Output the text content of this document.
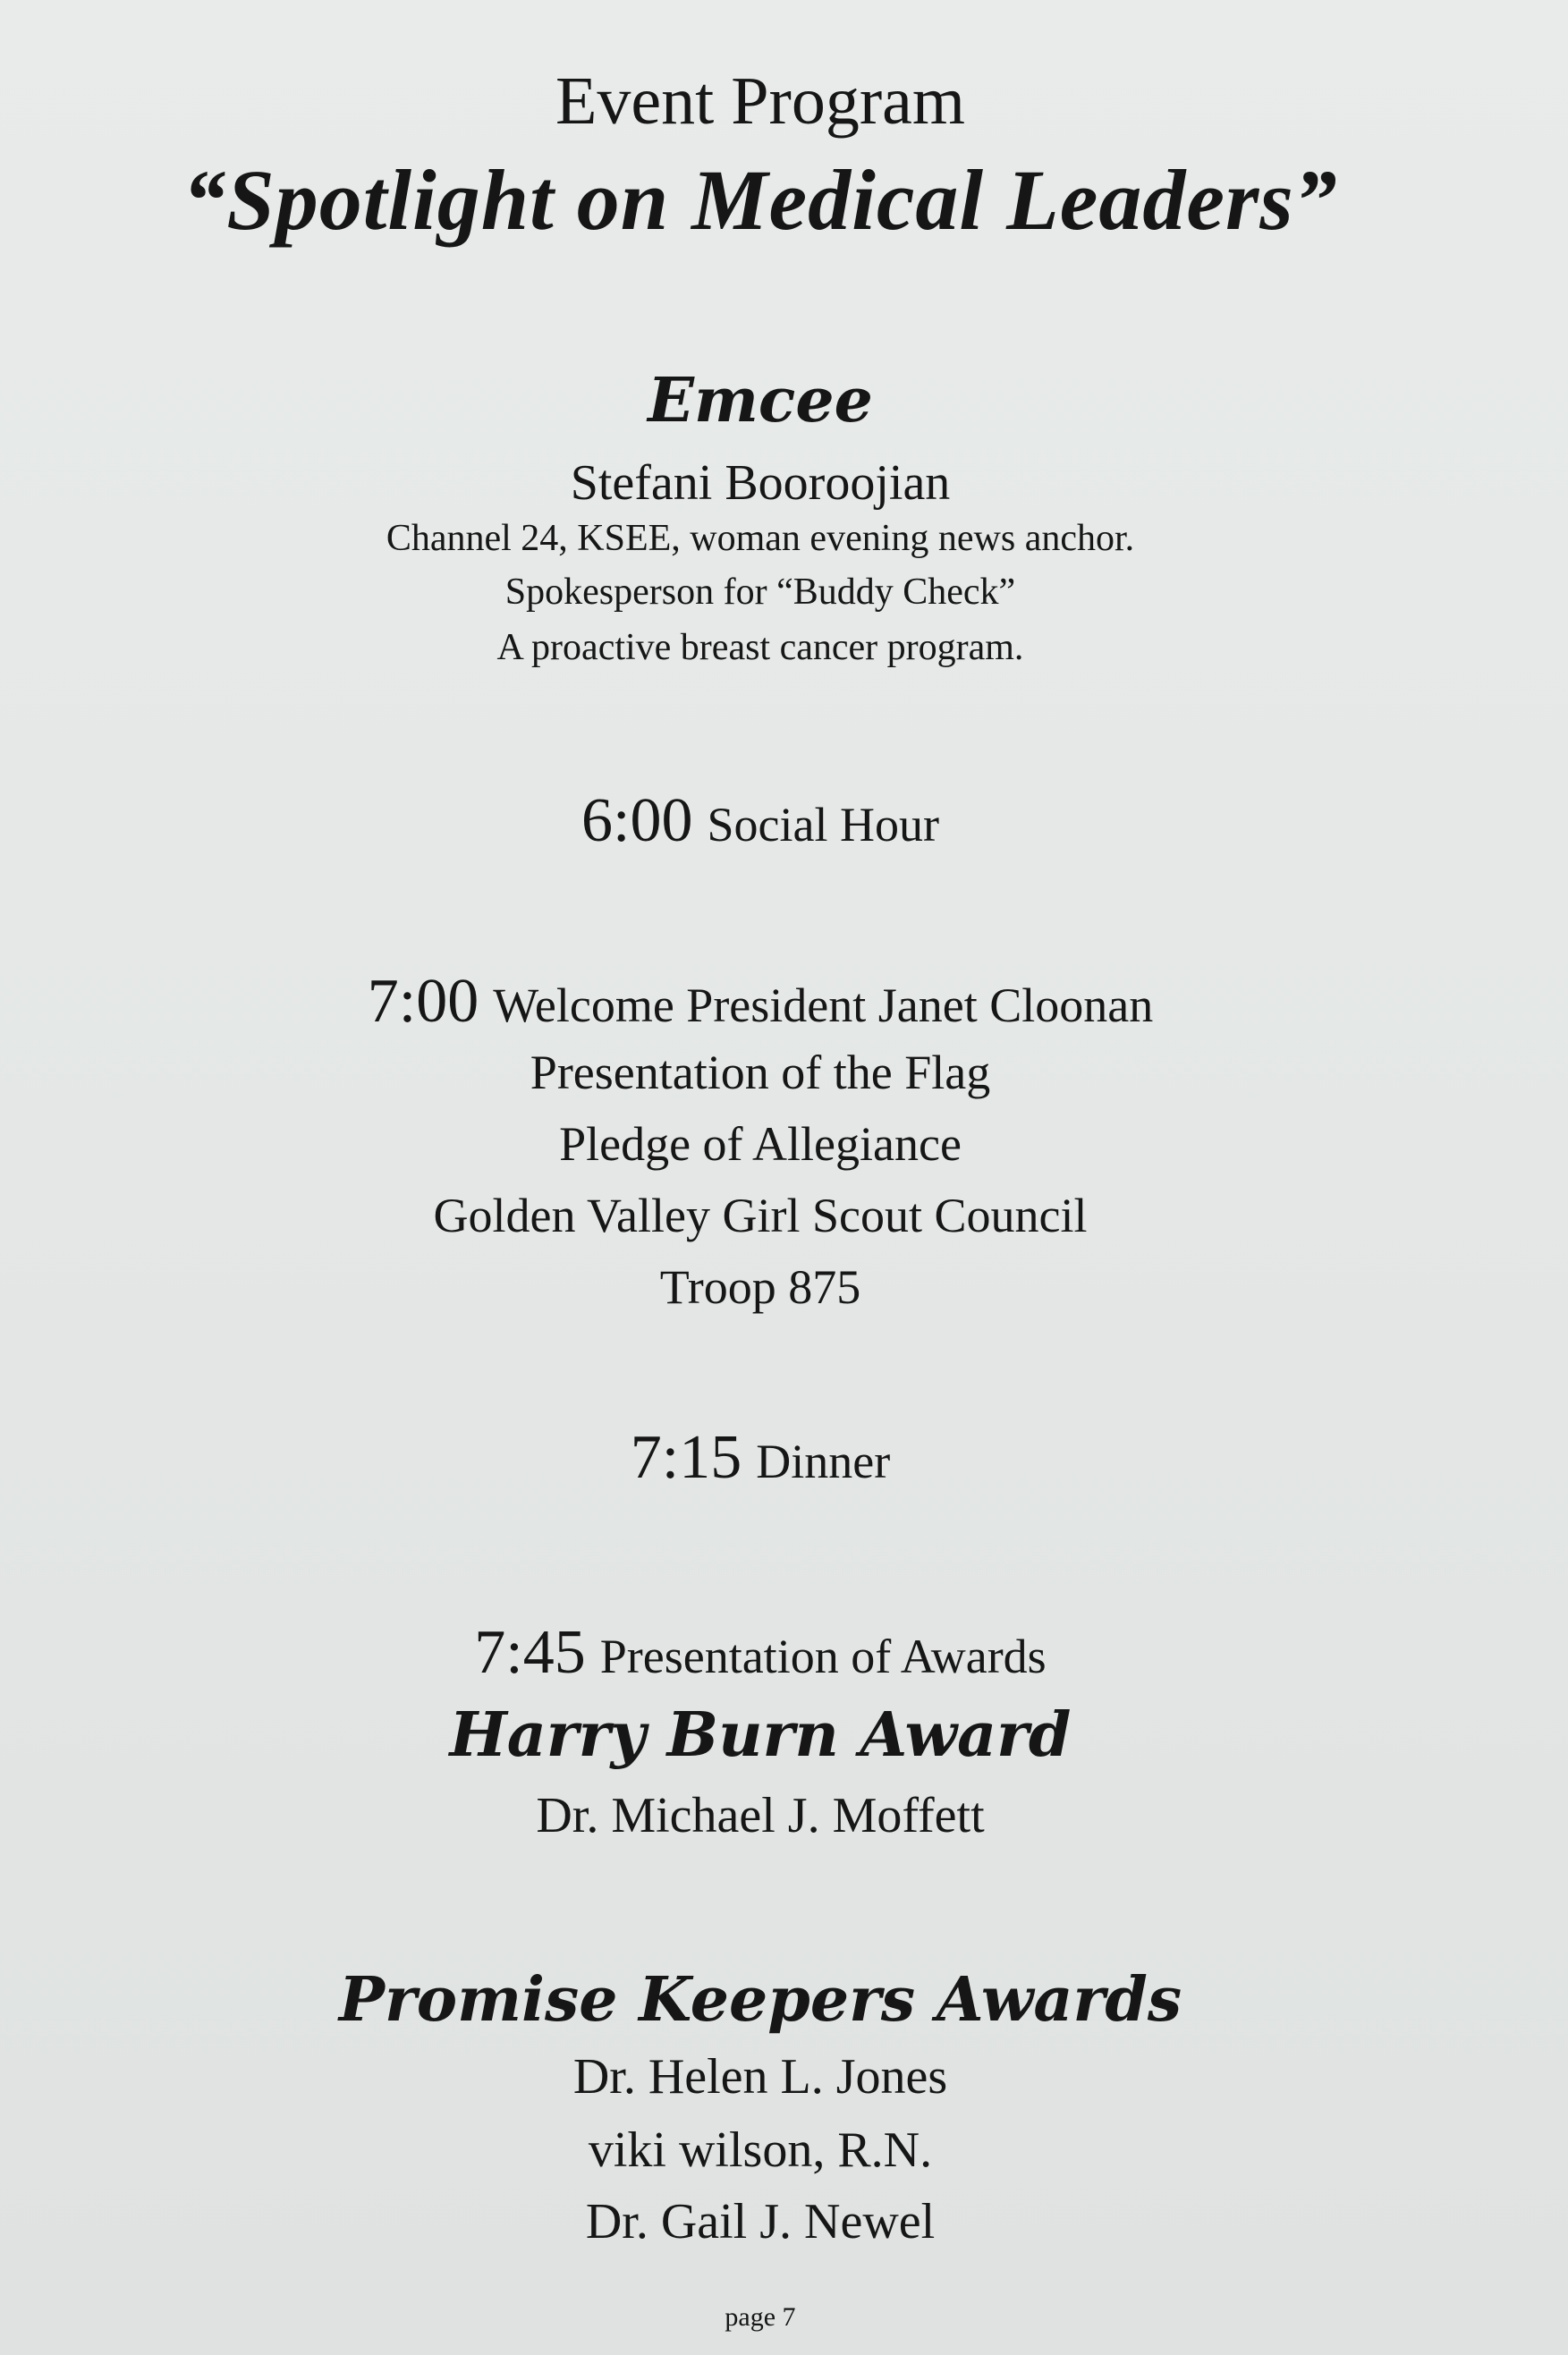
Event Program
“Spotlight on Medical Leaders”
Emcee
Stefani Booroojian
Channel 24, KSEE, woman evening news anchor.
Spokesperson for “Buddy Check”
A proactive breast cancer program.
6:00 Social Hour
7:00 Welcome President Janet Cloonan
Presentation of the Flag
Pledge of Allegiance
Golden Valley Girl Scout Council
Troop 875
7:15 Dinner
7:45 Presentation of Awards
Harry Burn Award
Dr. Michael J. Moffett
Promise Keepers Awards
Dr. Helen L. Jones
viki wilson, R.N.
Dr. Gail J. Newel
page 7
